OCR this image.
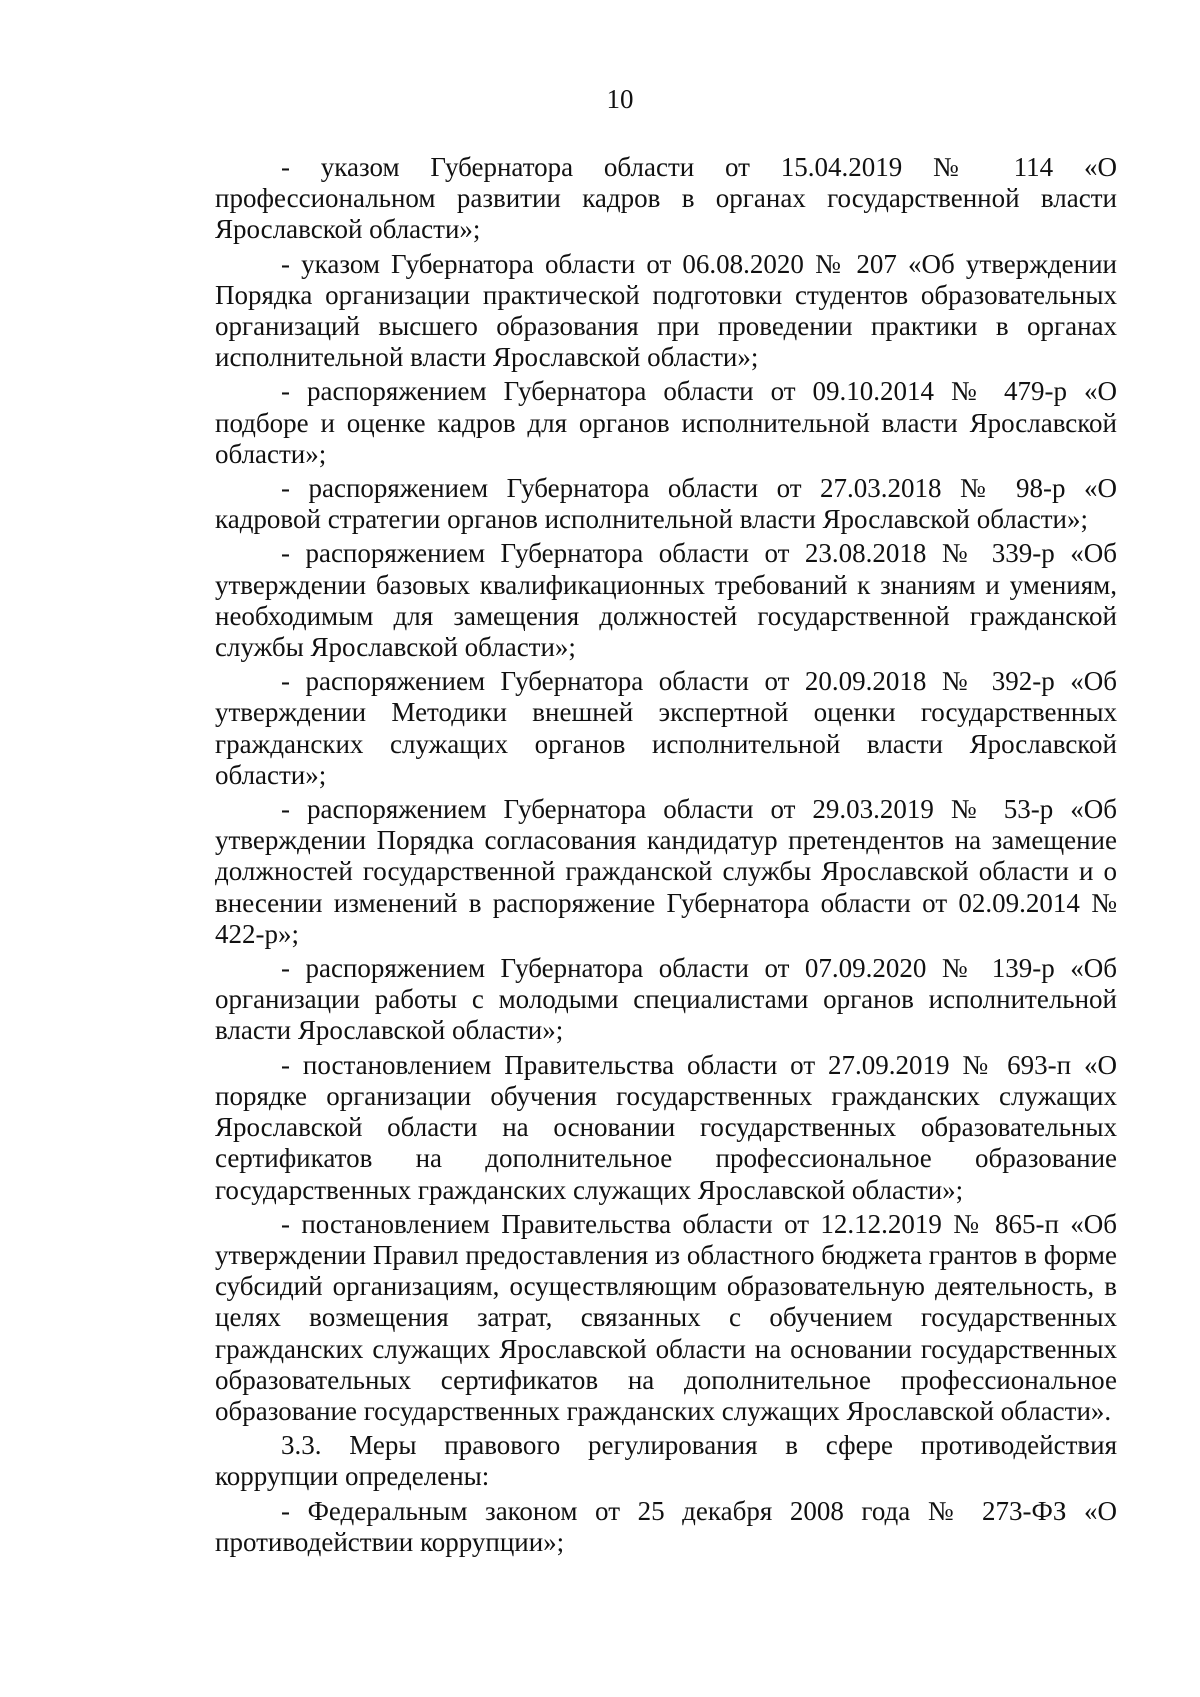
10

- указом Губернатора области от 15.04.2019 № 114 «О профессиональном развитии кадров в органах государственной власти Ярославской области»;

- указом Губернатора области от 06.08.2020 № 207 «Об утверждении Порядка организации практической подготовки студентов образовательных организаций высшего образования при проведении практики в органах исполнительной власти Ярославской области»;

- распоряжением Губернатора области от 09.10.2014 № 479-р «О подборе и оценке кадров для органов исполнительной власти Ярославской области»;

- распоряжением Губернатора области от 27.03.2018 № 98-р «О кадровой стратегии органов исполнительной власти Ярославской области»;

- распоряжением Губернатора области от 23.08.2018 № 339-р «Об утверждении базовых квалификационных требований к знаниям и умениям, необходимым для замещения должностей государственной гражданской службы Ярославской области»;

- распоряжением Губернатора области от 20.09.2018 № 392-р «Об утверждении Методики внешней экспертной оценки государственных гражданских служащих органов исполнительной власти Ярославской области»;

- распоряжением Губернатора области от 29.03.2019 № 53-р «Об утверждении Порядка согласования кандидатур претендентов на замещение должностей государственной гражданской службы Ярославской области и о внесении изменений в распоряжение Губернатора области от 02.09.2014 № 422-р»;

- распоряжением Губернатора области от 07.09.2020 № 139-р «Об организации работы с молодыми специалистами органов исполнительной власти Ярославской области»;

- постановлением Правительства области от 27.09.2019 № 693-п «О порядке организации обучения государственных гражданских служащих Ярославской области на основании государственных образовательных сертификатов на дополнительное профессиональное образование государственных гражданских служащих Ярославской области»;

- постановлением Правительства области от 12.12.2019 № 865-п «Об утверждении Правил предоставления из областного бюджета грантов в форме субсидий организациям, осуществляющим образовательную деятельность, в целях возмещения затрат, связанных с обучением государственных гражданских служащих Ярославской области на основании государственных образовательных сертификатов на дополнительное профессиональное образование государственных гражданских служащих Ярославской области».

3.3. Меры правового регулирования в сфере противодействия коррупции определены:

- Федеральным законом от 25 декабря 2008 года № 273-ФЗ «О противодействии коррупции»;
